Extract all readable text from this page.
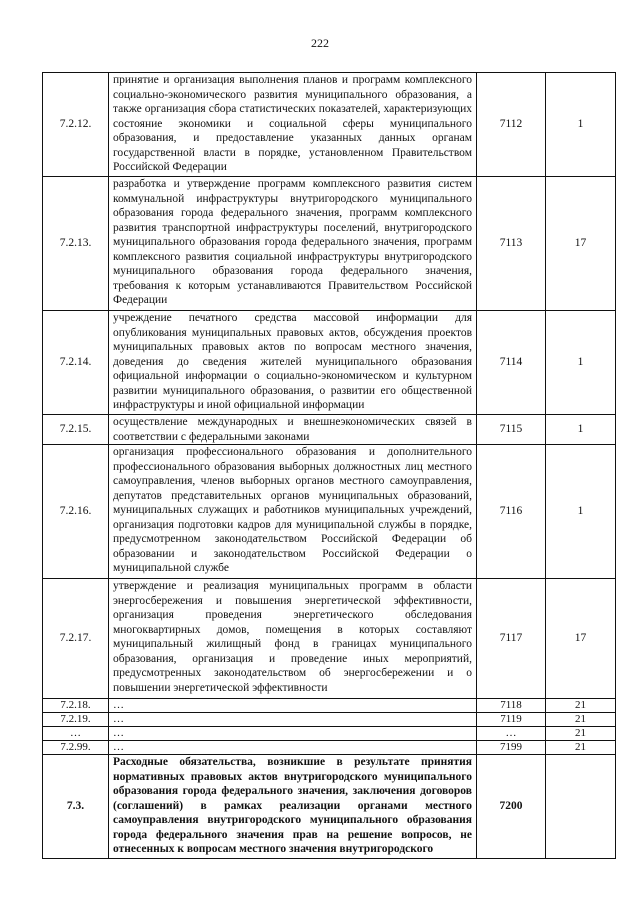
222
7.2.12.	принятие и организация выполнения планов и программ комплексного социально-экономического развития муниципального образования, а также организация сбора статистических показателей, характеризующих состояние экономики и социальной сферы муниципального образования, и предоставление указанных данных органам государственной власти в порядке, установленном Правительством Российской Федерации	7112	1
7.2.13.	разработка и утверждение программ комплексного развития систем коммунальной инфраструктуры внутригородского муниципального образования города федерального значения, программ комплексного развития транспортной инфраструктуры поселений, внутригородского муниципального образования города федерального значения, программ комплексного развития социальной инфраструктуры внутригородского муниципального образования города федерального значения, требования к которым устанавливаются Правительством Российской Федерации	7113	17
7.2.14.	учреждение печатного средства массовой информации для опубликования муниципальных правовых актов, обсуждения проектов муниципальных правовых актов по вопросам местного значения, доведения до сведения жителей муниципального образования официальной информации о социально-экономическом и культурном развитии муниципального образования, о развитии его общественной инфраструктуры и иной официальной информации	7114	1
7.2.15.	осуществление международных и внешнеэкономических связей в соответствии с федеральными законами	7115	1
7.2.16.	организация профессионального образования и дополнительного профессионального образования выборных должностных лиц местного самоуправления, членов выборных органов местного самоуправления, депутатов представительных органов муниципальных образований, муниципальных служащих и работников муниципальных учреждений, организация подготовки кадров для муниципальной службы в порядке, предусмотренном законодательством Российской Федерации об образовании и законодательством Российской Федерации о муниципальной службе	7116	1
7.2.17.	утверждение и реализация муниципальных программ в области энергосбережения и повышения энергетической эффективности, организация проведения энергетического обследования многоквартирных домов, помещения в которых составляют муниципальный жилищный фонд в границах муниципального образования, организация и проведение иных мероприятий, предусмотренных законодательством об энергосбережении и о повышении энергетической эффективности	7117	17
7.2.18.	…	7118	21
7.2.19.	…	7119	21
…	…	…	21
7.2.99.	…	7199	21
7.3.	Расходные обязательства, возникшие в результате принятия нормативных правовых актов внутригородского муниципального образования города федерального значения, заключения договоров (соглашений) в рамках реализации органами местного самоуправления внутригородского муниципального образования города федерального значения прав на решение вопросов, не отнесенных к вопросам местного значения внутригородского	7200	
